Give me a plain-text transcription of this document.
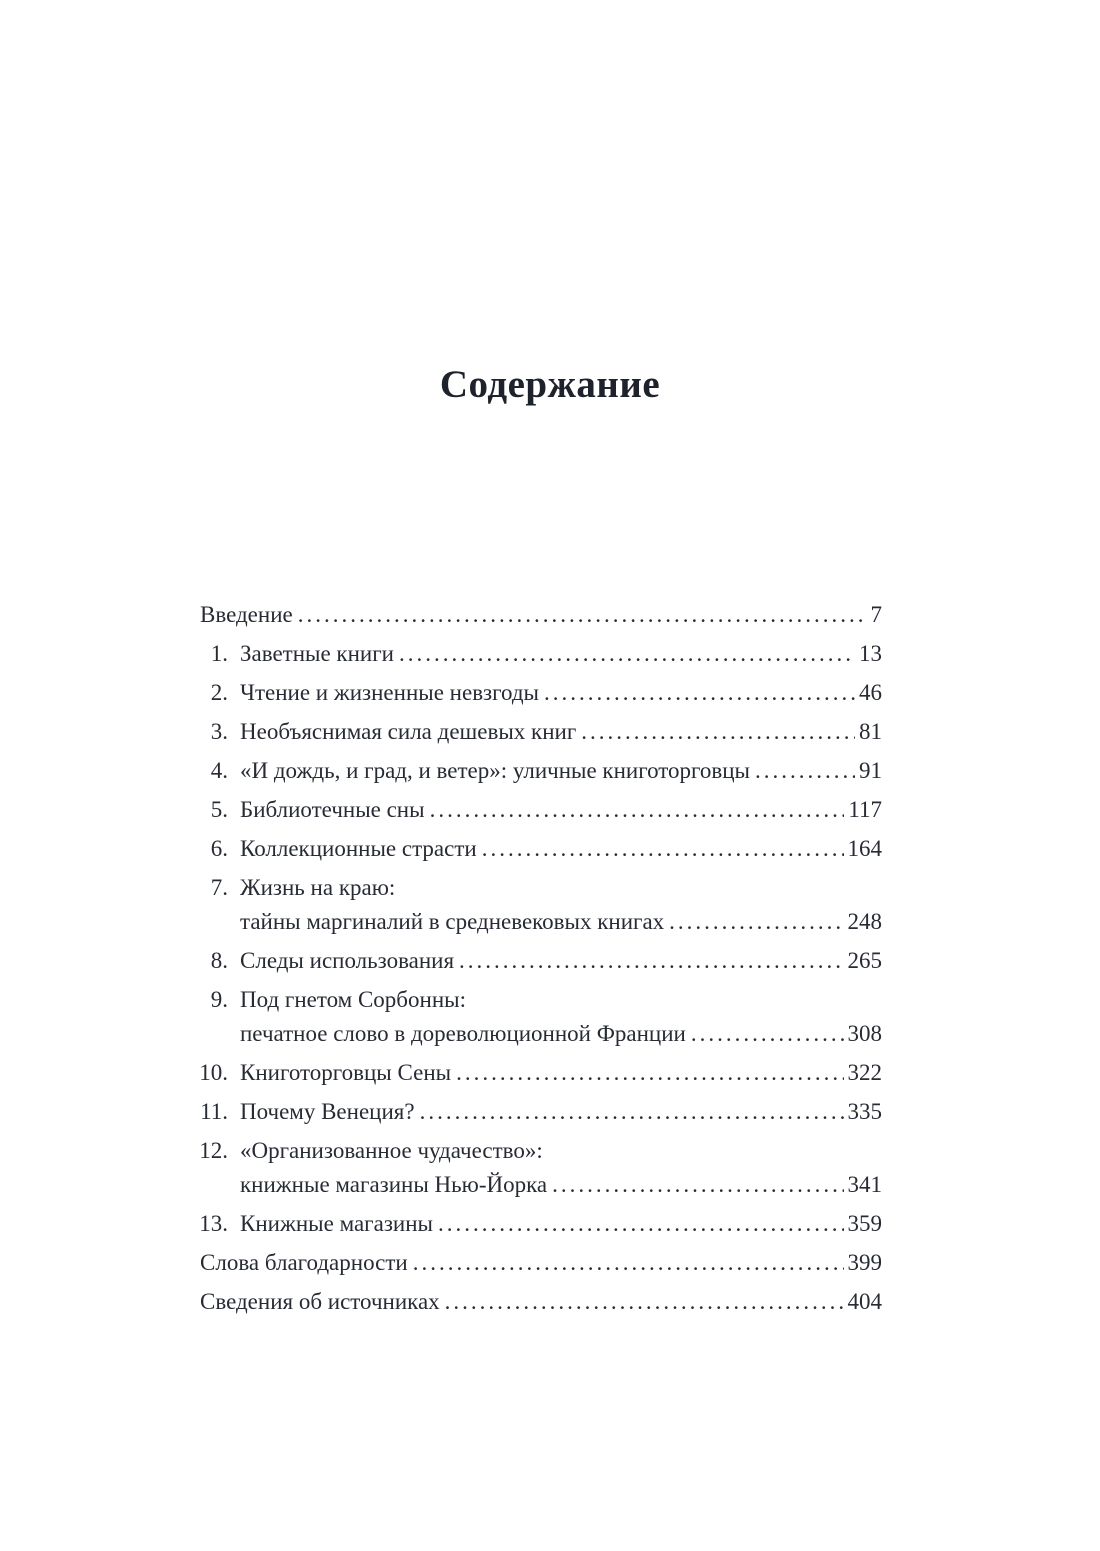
Содержание
Введение .....	7
1. Заветные книги .....	13
2. Чтение и жизненные невзгоды .....	46
3. Необъяснимая сила дешевых книг .....	81
4. «И дождь, и град, и ветер»: уличные книготорговцы .....	91
5. Библиотечные сны .....	117
6. Коллекционные страсти .....	164
7. Жизнь на краю:
тайны маргиналий в средневековых книгах .....	248
8. Следы использования .....	265
9. Под гнетом Сорбонны:
печатное слово в дореволюционной Франции .....	308
10. Книготорговцы Сены .....	322
11. Почему Венеция? .....	335
12. «Организованное чудачество»:
книжные магазины Нью-Йорка .....	341
13. Книжные магазины .....	359
Слова благодарности .....	399
Сведения об источниках .....	404
